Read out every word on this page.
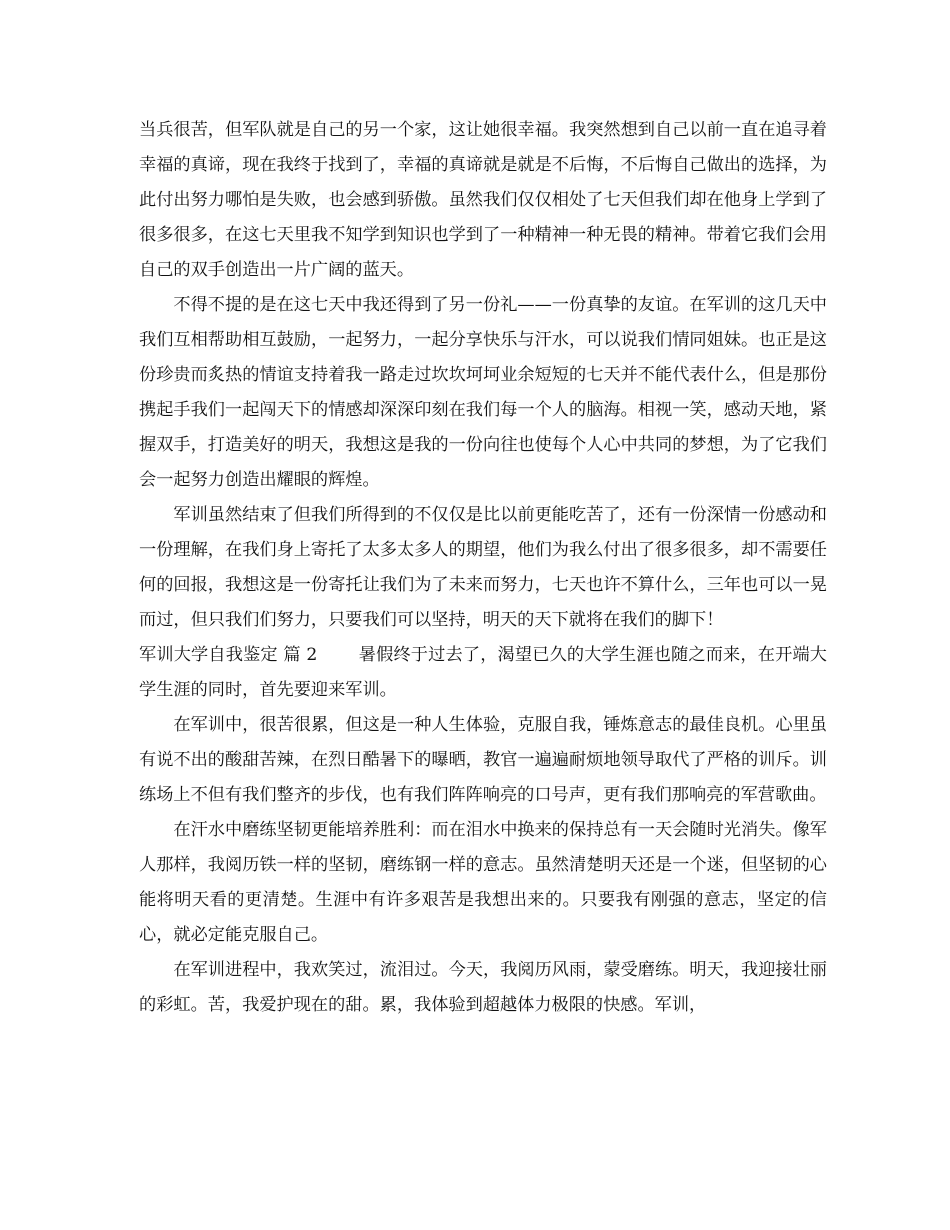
当兵很苦，但军队就是自己的另一个家，这让她很幸福。我突然想到自己以前一直在追寻着幸福的真谛，现在我终于找到了，幸福的真谛就是就是不后悔，不后悔自己做出的选择，为此付出努力哪怕是失败，也会感到骄傲。虽然我们仅仅相处了七天但我们却在他身上学到了很多很多，在这七天里我不知学到知识也学到了一种精神一种无畏的精神。带着它我们会用自己的双手创造出一片广阔的蓝天。

不得不提的是在这七天中我还得到了另一份礼——一份真挚的友谊。在军训的这几天中我们互相帮助相互鼓励，一起努力，一起分享快乐与汗水，可以说我们情同姐妹。也正是这份珍贵而炙热的情谊支持着我一路走过坎坎坷坷业余短短的七天并不能代表什么，但是那份携起手我们一起闯天下的情感却深深印刻在我们每一个人的脑海。相视一笑，感动天地，紧握双手，打造美好的明天，我想这是我的一份向往也使每个人心中共同的梦想，为了它我们会一起努力创造出耀眼的辉煌。

军训虽然结束了但我们所得到的不仅仅是比以前更能吃苦了，还有一份深情一份感动和一份理解，在我们身上寄托了太多太多人的期望，他们为我么付出了很多很多，却不需要任何的回报，我想这是一份寄托让我们为了未来而努力，七天也许不算什么，三年也可以一晃而过，但只我们们努力，只要我们可以坚持，明天的天下就将在我们的脚下！

军训大学自我鉴定 篇 2 暑假终于过去了，渴望已久的大学生涯也随之而来，在开端大学生涯的同时，首先要迎来军训。

在军训中，很苦很累，但这是一种人生体验，克服自我，锤炼意志的最佳良机。心里虽有说不出的酸甜苦辣，在烈日酷暑下的曝晒，教官一遍遍耐烦地领导取代了严格的训斥。训练场上不但有我们整齐的步伐，也有我们阵阵响亮的口号声，更有我们那响亮的军营歌曲。

在汗水中磨练坚韧更能培养胜利：而在泪水中换来的保持总有一天会随时光消失。像军人那样，我阅历铁一样的坚韧，磨练钢一样的意志。虽然清楚明天还是一个迷，但坚韧的心能将明天看的更清楚。生涯中有许多艰苦是我想出来的。只要我有刚强的意志，坚定的信心，就必定能克服自己。

在军训进程中，我欢笑过，流泪过。今天，我阅历风雨，蒙受磨练。明天，我迎接壮丽的彩虹。苦，我爱护现在的甜。累，我体验到超越体力极限的快感。军训，
